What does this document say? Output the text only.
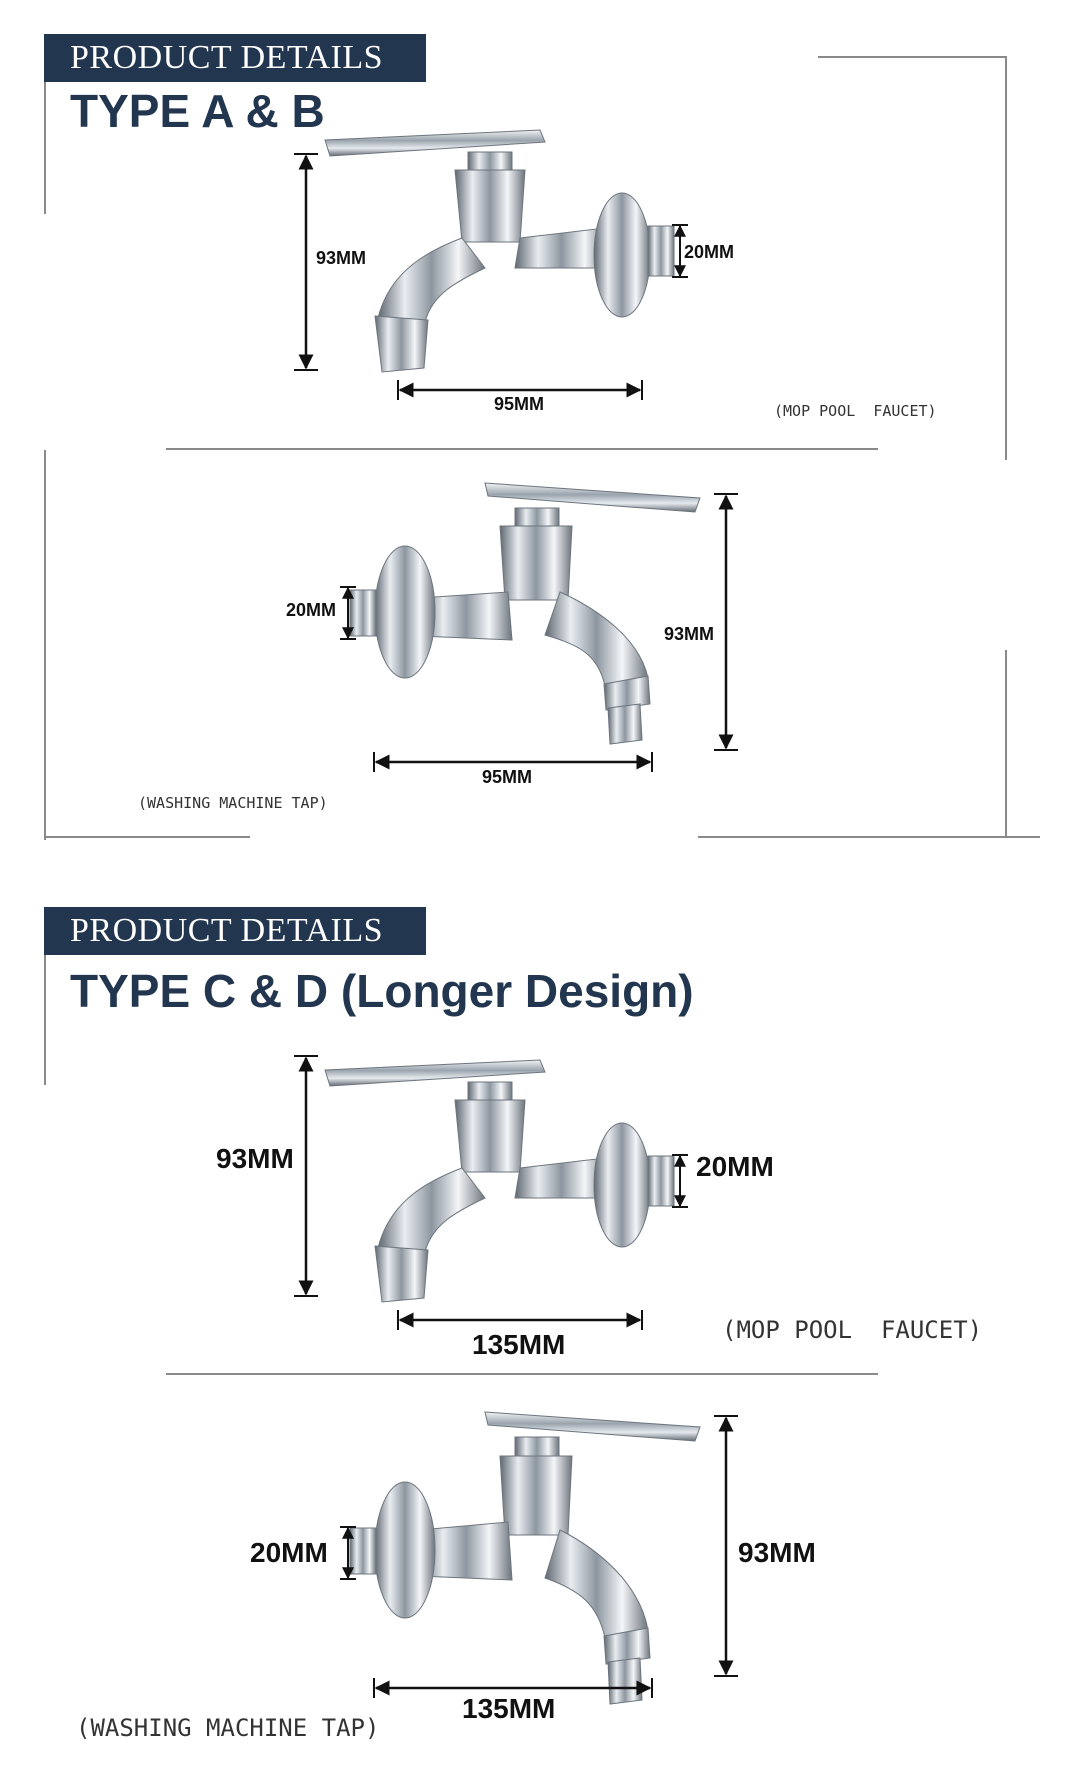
PRODUCT DETAILS
TYPE A & B
93MM	20MM
95MM	(MOP POOL  FAUCET)
93MM
20MM
95MM
(WASHING MACHINE TAP)
PRODUCT DETAILS
TYPE C & D (Longer Design)
93MM	20MM
135MM	(MOP POOL  FAUCET)
93MM
20MM
135MM
(WASHING MACHINE TAP)
